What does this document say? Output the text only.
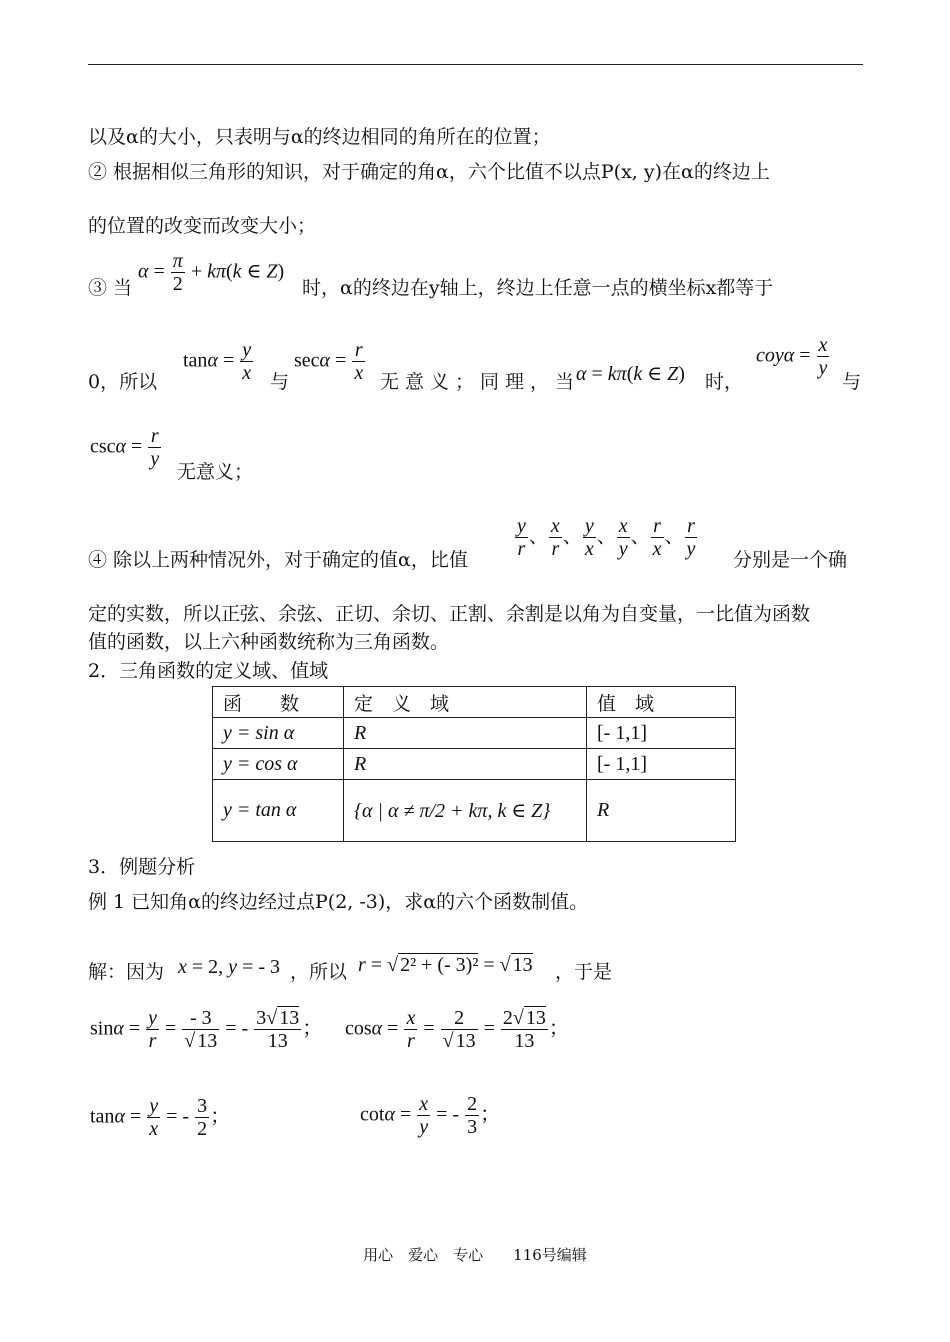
以及α的大小，只表明与α的终边相同的角所在的位置；
② 根据相似三角形的知识，对于确定的角α，六个比值不以点P(x, y)在α的终边上
的位置的改变而改变大小；
③ 当
$\alpha = \frac{\pi}{2} + k\pi(k$ ∈ Z)
时，α的终边在y轴上，终边上任意一点的横坐标x都等于
0，所以
$\tan\alpha = \frac{y}{x}$ 与
$\sec\alpha = \frac{r}{x}$ 无意义；同理，当
α = kπ(k ∈ Z) 时，
$coy\alpha = \frac{x}{y}$
与
$\csc\alpha = \frac{r}{y}$
无意义；
④ 除以上两种情况外，对于确定的值α，比值 $\frac{y}{r}$ 、 $\frac{x}{r}$ 、 $\frac{y}{x}$ 、 $\frac{x}{y}$ 、 $\frac{r}{x}$ 、 $\frac{r}{y}$ 分别是一个确
定的实数，所以正弦、余弦、正切、余切、正割、余割是以角为自变量，一比值为函数
值的函数，以上六种函数统称为三角函数。
2．三角函数的定义域、值域
函　　数	定　义　域	值　域
y = sin α	R	[- 1,1]
y = cos α	R	[- 1,1]
y = tan α	{α | α ≠ π/2 + kπ, k ∈ Z}	R
3．例题分析
例 1 已知角α的终边经过点P(2, -3)，求α的六个函数制值。
解：因为 x = 2, y = - 3 ，所以 r = √ 2² + (- 3)² = √ 13 ，于是
$\sin\alpha = \frac{y}{r} = \frac{- 3}{√ 13}$ = - $\frac{3√ 13}{13}$ ； $\cos\alpha = \frac{x}{r} = \frac{2}{√ 13} = \frac{2√ 13}{13}$ ；
$\tan\alpha = \frac{y}{x}$ = - $\frac{3}{2}$ ；	$\cot\alpha = \frac{x}{y}$ = - $\frac{2}{3}$ ；
用心　爱心　专心　　116号编辑
